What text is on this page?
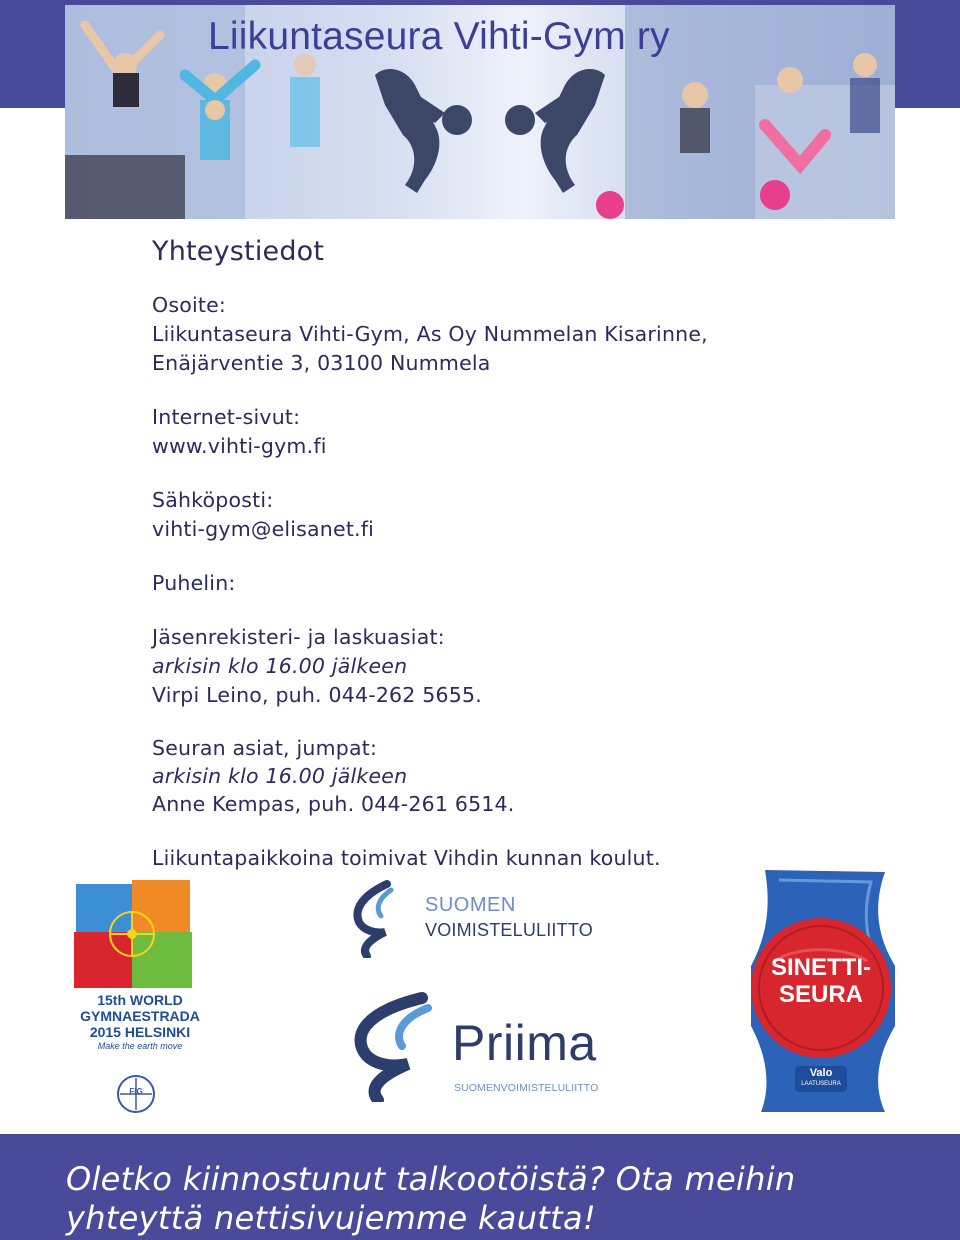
Liikuntaseura Vihti-Gym ry
Yhteystiedot
Osoite:
Liikuntaseura Vihti-Gym, As Oy Nummelan Kisarinne,
Enäjärventie 3, 03100 Nummela
Internet-sivut:
www.vihti-gym.fi
Sähköposti:
vihti-gym@elisanet.fi
Puhelin:
Jäsenrekisteri- ja laskuasiat:
arkisin klo 16.00 jälkeen
Virpi Leino, puh. 044-262 5655.
Seuran asiat, jumpat:
arkisin klo 16.00 jälkeen
Anne Kempas, puh. 044-261 6514.
Liikuntapaikkoina toimivat Vihdin kunnan koulut.
15th WORLD
GYMNAESTRADA
2015 HELSINKI
Make the earth move
FIG
SUOMEN
VOIMISTELULIITTO
Priima
SUOMENVOIMISTELULIITTO
SINETTI-
SEURA
Valo
LAATUSEURA
Oletko kiinnostunut talkootöistä? Ota meihin
yhteyttä nettisivujemme kautta!
